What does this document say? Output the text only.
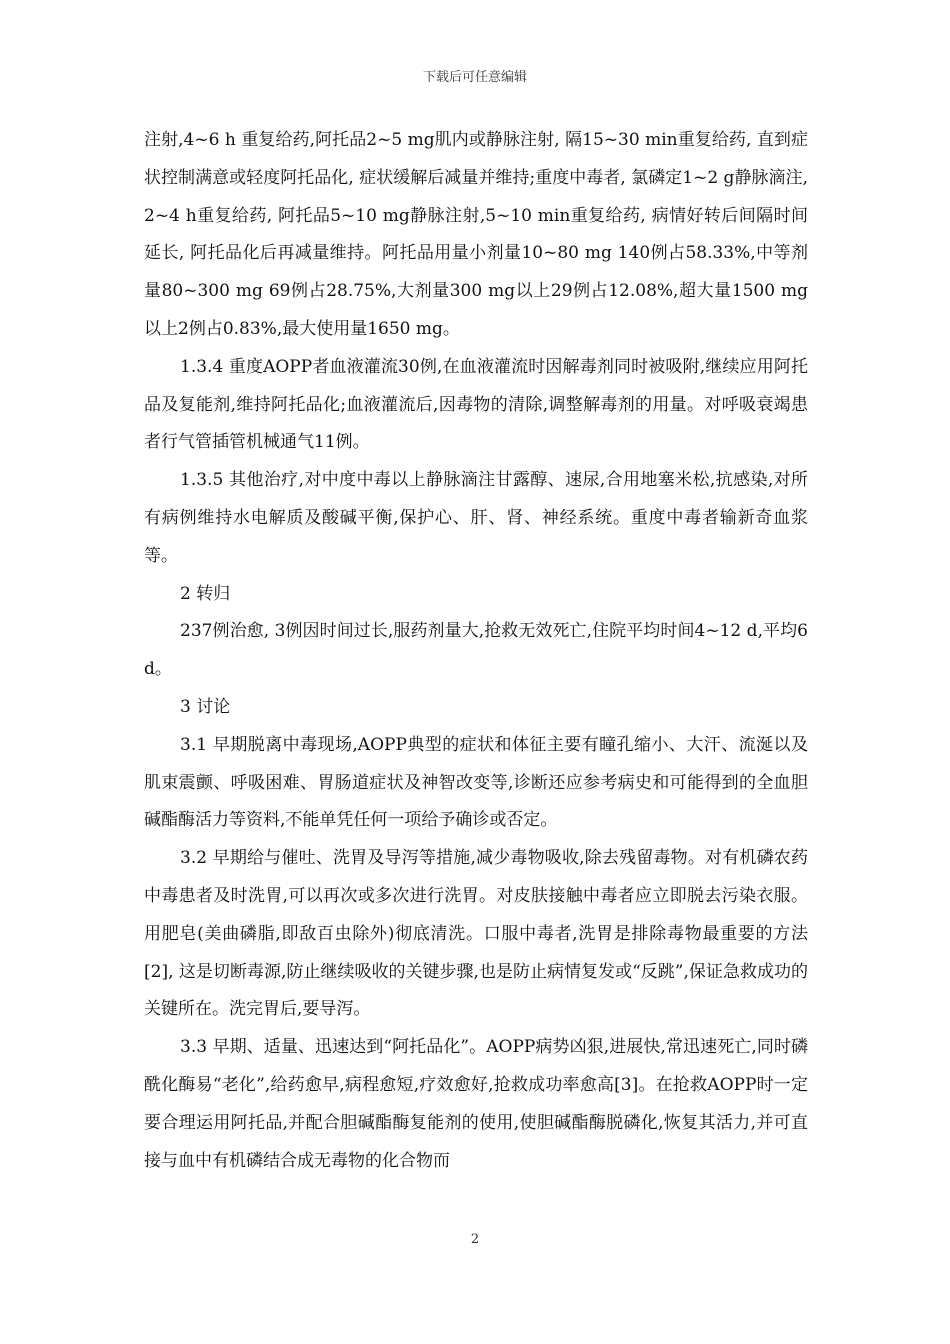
下载后可任意编辑

注射,4~6 h 重复给药,阿托品2~5 mg肌内或静脉注射, 隔15~30 min重复给药, 直到症状控制满意或轻度阿托品化, 症状缓解后减量并维持;重度中毒者, 氯磷定1~2 g静脉滴注,2~4 h重复给药, 阿托品5~10 mg静脉注射,5~10 min重复给药, 病情好转后间隔时间延长, 阿托品化后再减量维持。阿托品用量小剂量10~80 mg 140例占58.33%,中等剂量80~300 mg 69例占28.75%,大剂量300 mg以上29例占12.08%,超大量1500 mg以上2例占0.83%,最大使用量1650 mg。

1.3.4 重度AOPP者血液灌流30例,在血液灌流时因解毒剂同时被吸附,继续应用阿托品及复能剂,维持阿托品化;血液灌流后,因毒物的清除,调整解毒剂的用量。对呼吸衰竭患者行气管插管机械通气11例。

1.3.5 其他治疗,对中度中毒以上静脉滴注甘露醇、速尿,合用地塞米松,抗感染,对所有病例维持水电解质及酸碱平衡,保护心、肝、肾、神经系统。重度中毒者输新奇血浆等。

2 转归

237例治愈, 3例因时间过长,服药剂量大,抢救无效死亡,住院平均时间4~12 d,平均6 d。

3 讨论

3.1 早期脱离中毒现场,AOPP典型的症状和体征主要有瞳孔缩小、大汗、流涎以及肌束震颤、呼吸困难、胃肠道症状及神智改变等,诊断还应参考病史和可能得到的全血胆碱酯酶活力等资料,不能单凭任何一项给予确诊或否定。

3.2 早期给与催吐、洗胃及导泻等措施,减少毒物吸收,除去残留毒物。对有机磷农药中毒患者及时洗胃,可以再次或多次进行洗胃。对皮肤接触中毒者应立即脱去污染衣服。用肥皂(美曲磷脂,即敌百虫除外)彻底清洗。口服中毒者,洗胃是排除毒物最重要的方法[2], 这是切断毒源,防止继续吸收的关键步骤,也是防止病情复发或“反跳”,保证急救成功的关键所在。洗完胃后,要导泻。

3.3 早期、适量、迅速达到“阿托品化”。AOPP病势凶狠,进展快,常迅速死亡,同时磷酰化酶易“老化”,给药愈早,病程愈短,疗效愈好,抢救成功率愈高[3]。在抢救AOPP时一定要合理运用阿托品,并配合胆碱酯酶复能剂的使用,使胆碱酯酶脱磷化,恢复其活力,并可直接与血中有机磷结合成无毒物的化合物而

2
